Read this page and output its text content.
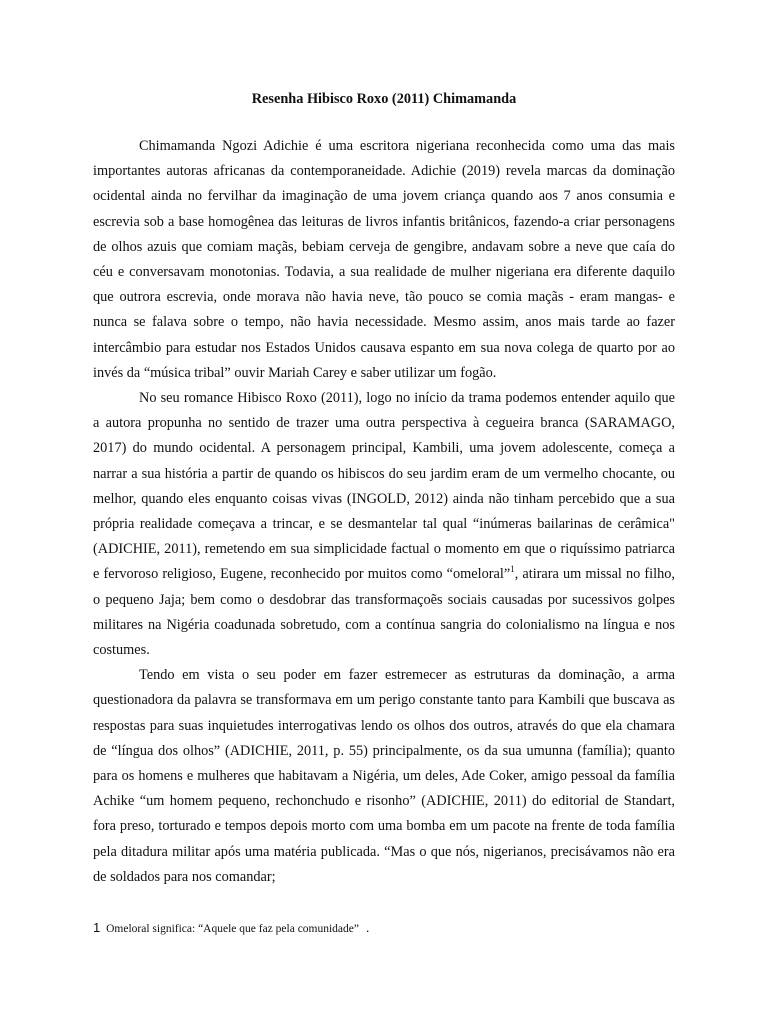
Resenha Hibisco Roxo (2011) Chimamanda

Chimamanda Ngozi Adichie é uma escritora nigeriana reconhecida como uma das mais importantes autoras africanas da contemporaneidade. Adichie (2019) revela marcas da dominação ocidental ainda no fervilhar da imaginação de uma jovem criança quando aos 7 anos consumia e escrevia sob a base homogênea das leituras de livros infantis britânicos, fazendo-a criar personagens de olhos azuis que comiam maçãs, bebiam cerveja de gengibre, andavam sobre a neve que caía do céu e conversavam monotonias. Todavia, a sua realidade de mulher nigeriana era diferente daquilo que outrora escrevia, onde morava não havia neve, tão pouco se comia maçãs - eram mangas- e nunca se falava sobre o tempo, não havia necessidade. Mesmo assim, anos mais tarde ao fazer intercâmbio para estudar nos Estados Unidos causava espanto em sua nova colega de quarto por ao invés da “música tribal” ouvir Mariah Carey e saber utilizar um fogão.

No seu romance Hibisco Roxo (2011), logo no início da trama podemos entender aquilo que a autora propunha no sentido de trazer uma outra perspectiva à cegueira branca (SARAMAGO, 2017) do mundo ocidental. A personagem principal, Kambili, uma jovem adolescente, começa a narrar a sua história a partir de quando os hibiscos do seu jardim eram de um vermelho chocante, ou melhor, quando eles enquanto coisas vivas (INGOLD, 2012) ainda não tinham percebido que a sua própria realidade começava a trincar, e se desmantelar tal qual “inúmeras bailarinas de cerâmica" (ADICHIE, 2011), remetendo em sua simplicidade factual o momento em que o riquíssimo patriarca e fervoroso religioso, Eugene, reconhecido por muitos como “omeloral”$^1$, atirara um missal no filho, o pequeno Jaja; bem como o desdobrar das transformaçoẽs sociais causadas por sucessivos golpes militares na Nigéria coadunada sobretudo, com a contínua sangria do colonialismo na língua e nos costumes.

Tendo em vista o seu poder em fazer estremecer as estruturas da dominação, a arma questionadora da palavra se transformava em um perigo constante tanto para Kambili que buscava as respostas para suas inquietudes interrogativas lendo os olhos dos outros, através do que ela chamara de “língua dos olhos” (ADICHIE, 2011, p. 55) principalmente, os da sua umunna (família); quanto para os homens e mulheres que habitavam a Nigéria, um deles, Ade Coker, amigo pessoal da família Achike “um homem pequeno, rechonchudo e risonho” (ADICHIE, 2011) do editorial de Standart, fora preso, torturado e tempos depois morto com uma bomba em um pacote na frente de toda família pela ditadura militar após uma matéria publicada. “Mas o que nós, nigerianos, precisávamos não era de soldados para nos comandar;

1 Omeloral significa: “Aquele que faz pela comunidade” .
